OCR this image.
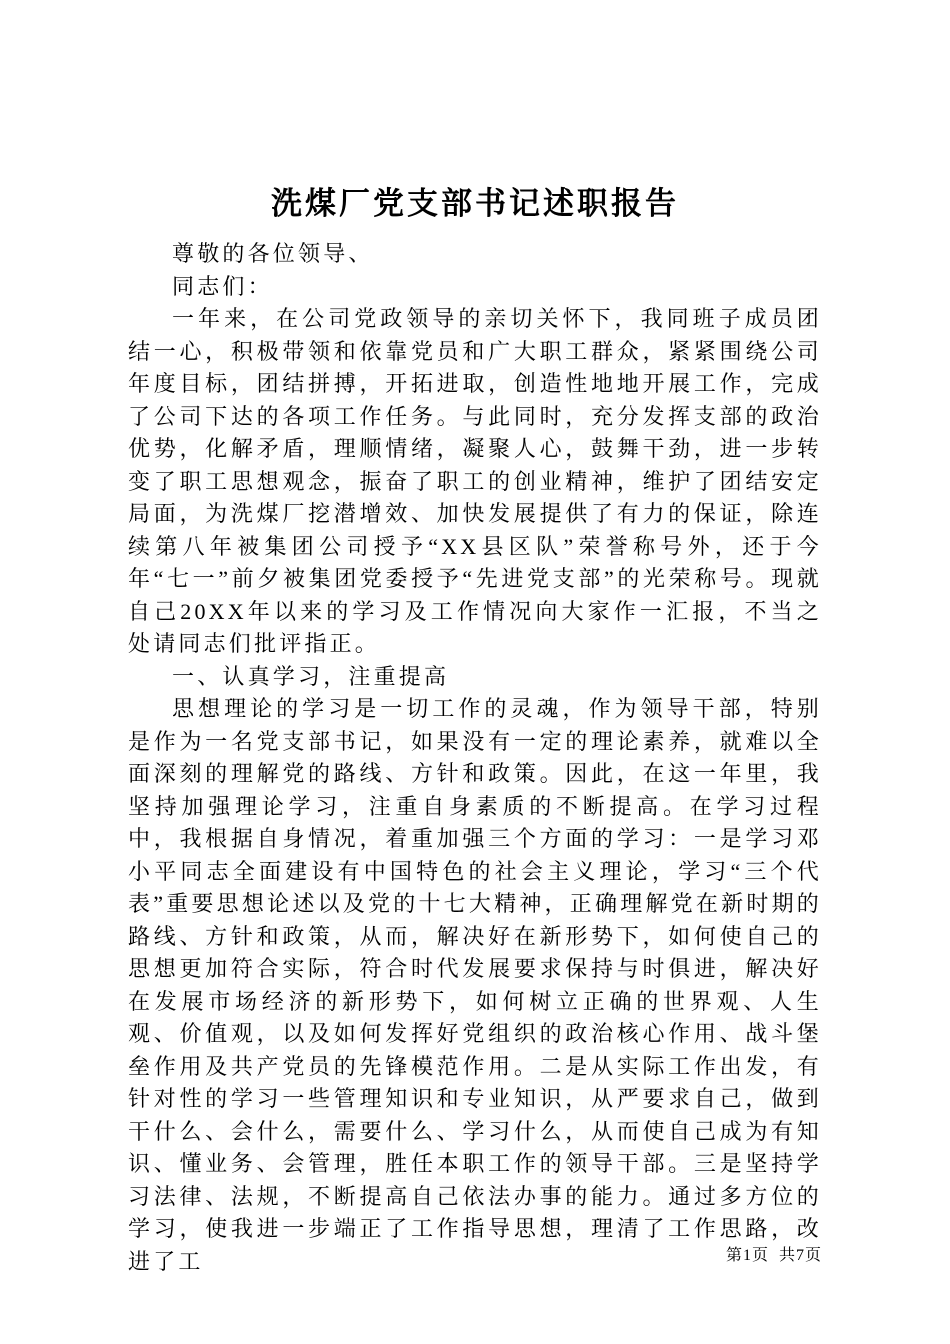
洗煤厂党支部书记述职报告

尊敬的各位领导、

同志们：

一年来，在公司党政领导的亲切关怀下，我同班子成员团结一心，积极带领和依靠党员和广大职工群众，紧紧围绕公司年度目标，团结拼搏，开拓进取，创造性地地开展工作，完成了公司下达的各项工作任务。与此同时，充分发挥支部的政治优势，化解矛盾，理顺情绪，凝聚人心，鼓舞干劲，进一步转变了职工思想观念，振奋了职工的创业精神，维护了团结安定局面，为洗煤厂挖潜增效、加快发展提供了有力的保证，除连续第八年被集团公司授予“XX县区队”荣誉称号外，还于今年“七一”前夕被集团党委授予“先进党支部”的光荣称号。现就自己20XX年以来的学习及工作情况向大家作一汇报，不当之处请同志们批评指正。

一、认真学习，注重提高

思想理论的学习是一切工作的灵魂，作为领导干部，特别是作为一名党支部书记，如果没有一定的理论素养，就难以全面深刻的理解党的路线、方针和政策。因此，在这一年里，我坚持加强理论学习，注重自身素质的不断提高。在学习过程中，我根据自身情况，着重加强三个方面的学习：一是学习邓小平同志全面建设有中国特色的社会主义理论，学习“三个代表”重要思想论述以及党的十七大精神，正确理解党在新时期的路线、方针和政策，从而，解决好在新形势下，如何使自己的思想更加符合实际，符合时代发展要求保持与时俱进，解决好在发展市场经济的新形势下，如何树立正确的世界观、人生观、价值观，以及如何发挥好党组织的政治核心作用、战斗堡垒作用及共产党员的先锋模范作用。二是从实际工作出发，有针对性的学习一些管理知识和专业知识，从严要求自己，做到干什么、会什么，需要什么、学习什么，从而使自己成为有知识、懂业务、会管理，胜任本职工作的领导干部。三是坚持学习法律、法规，不断提高自己依法办事的能力。通过多方位的学习，使我进一步端正了工作指导思想，理清了工作思路，改进了工	第1页 共7页
